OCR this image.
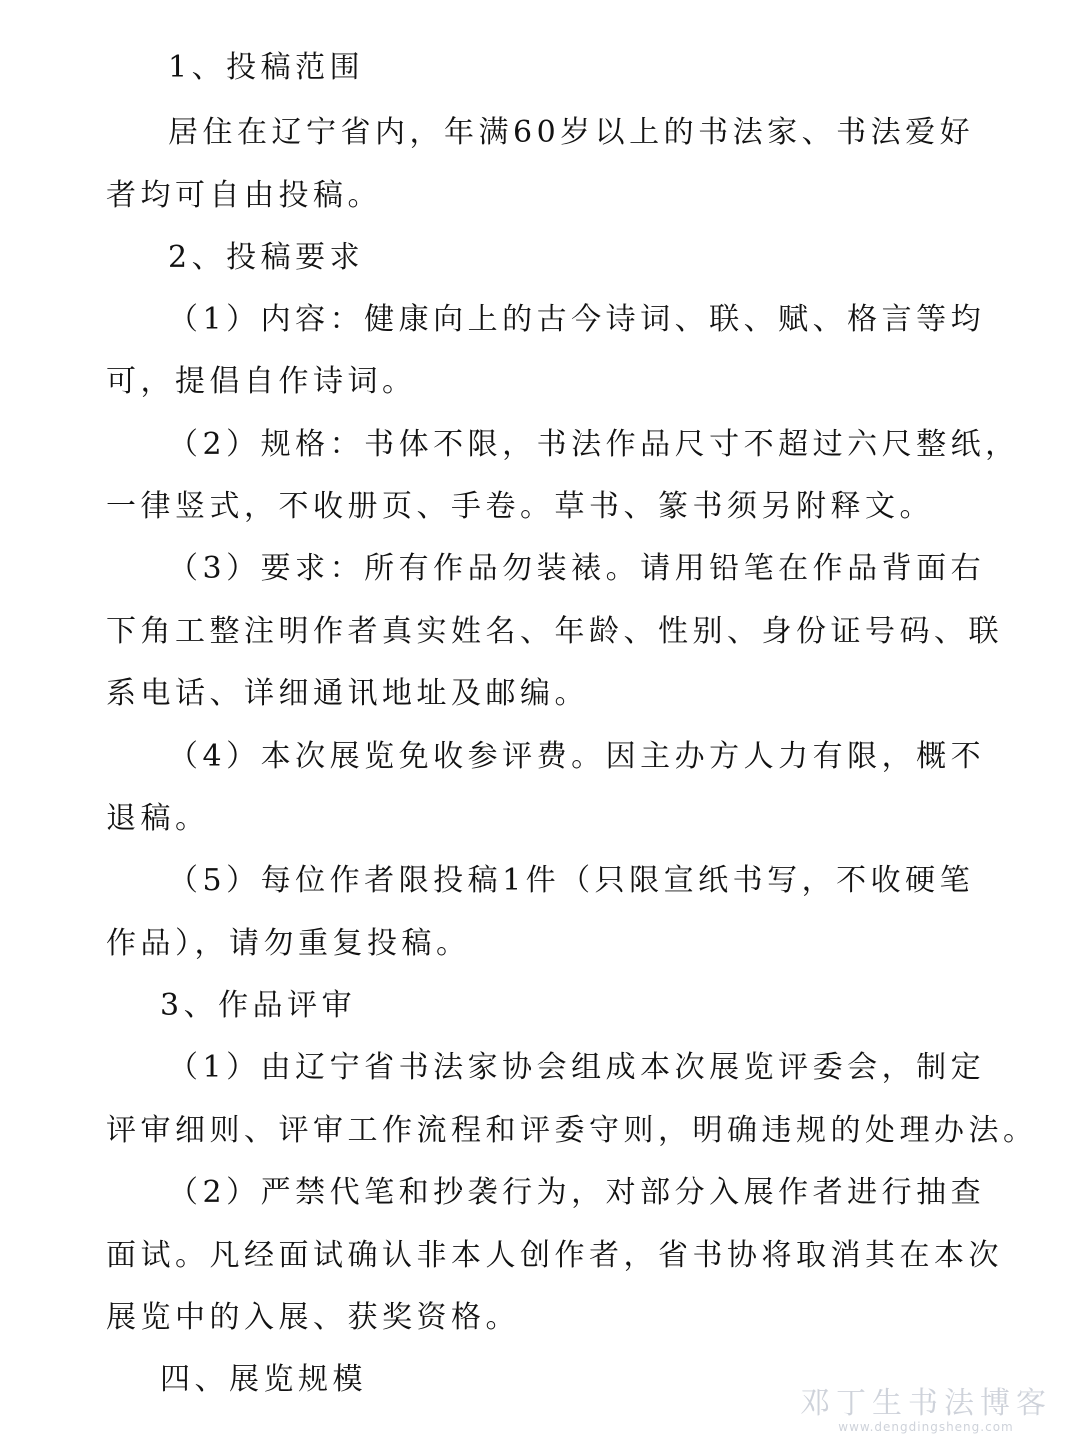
1、投稿范围
居住在辽宁省内，年满60岁以上的书法家、书法爱好
者均可自由投稿。
2、投稿要求
（1）内容：健康向上的古今诗词、联、赋、格言等均
可，提倡自作诗词。
（2）规格：书体不限，书法作品尺寸不超过六尺整纸，
一律竖式，不收册页、手卷。草书、篆书须另附释文。
（3）要求：所有作品勿装裱。请用铅笔在作品背面右
下角工整注明作者真实姓名、年龄、性别、身份证号码、联
系电话、详细通讯地址及邮编。
（4）本次展览免收参评费。因主办方人力有限，概不
退稿。
（5）每位作者限投稿1件（只限宣纸书写，不收硬笔
作品），请勿重复投稿。
3、作品评审
（1）由辽宁省书法家协会组成本次展览评委会，制定
评审细则、评审工作流程和评委守则，明确违规的处理办法。
（2）严禁代笔和抄袭行为，对部分入展作者进行抽查
面试。凡经面试确认非本人创作者，省书协将取消其在本次
展览中的入展、获奖资格。
四、展览规模
邓丁生书法博客
www.dengdingsheng.com
